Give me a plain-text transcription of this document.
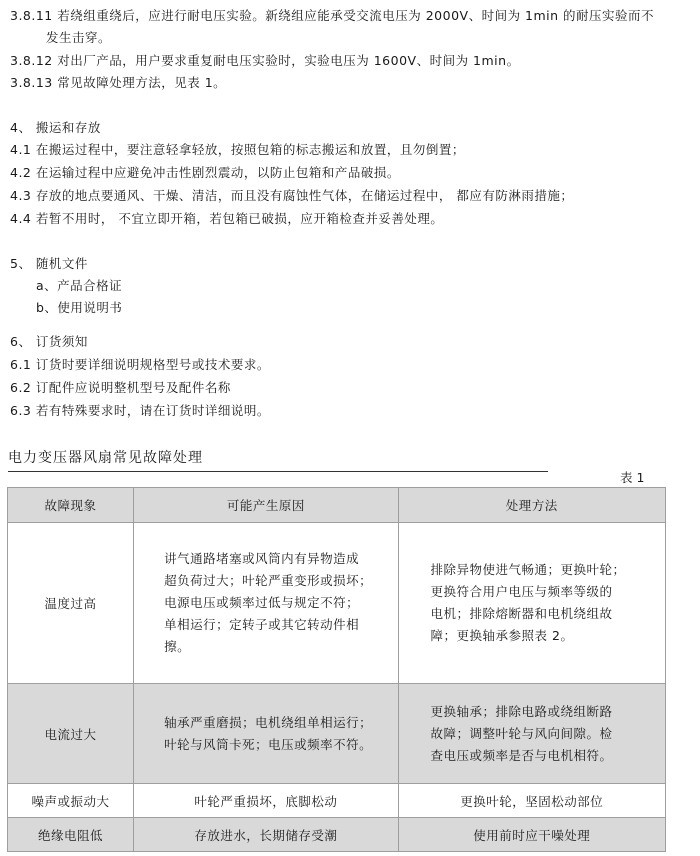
3.8.11 若绕组重绕后，应进行耐电压实验。新绕组应能承受交流电压为 2000V、时间为 1min 的耐压实验而不
发生击穿。
3.8.12 对出厂产品，用户要求重复耐电压实验时，实验电压为 1600V、时间为 1min。
3.8.13 常见故障处理方法，见表 1。
4、 搬运和存放
4.1 在搬运过程中，要注意轻拿轻放，按照包箱的标志搬运和放置，且勿倒置；
4.2 在运输过程中应避免冲击性剧烈震动，以防止包箱和产品破损。
4.3 存放的地点要通风、干燥、清洁，而且没有腐蚀性气体，在储运过程中， 都应有防淋雨措施；
4.4 若暂不用时， 不宜立即开箱，若包箱已破损，应开箱检查并妥善处理。
5、 随机文件
a、产品合格证
b、使用说明书
6、 订货须知
6.1 订货时要详细说明规格型号或技术要求。
6.2 订配件应说明整机型号及配件名称
6.3 若有特殊要求时，请在订货时详细说明。
电力变压器风扇常见故障处理
表 1
故障现象	可能产生原因	处理方法
温度过高	讲气通路堵塞或风筒内有异物造成
超负荷过大；叶轮严重变形或损坏；
电源电压或频率过低与规定不符；
单相运行；定转子或其它转动件相
擦。	排除异物使进气畅通；更换叶轮；
更换符合用户电压与频率等级的
电机；排除熔断器和电机绕组故
障；更换轴承参照表 2。

电流过大	轴承严重磨损；电机绕组单相运行；
叶轮与风筒卡死；电压或频率不符。	更换轴承；排除电路或绕组断路
故障；调整叶轮与风向间隙。检
查电压或频率是否与电机相符。

噪声或振动大	叶轮严重损坏，底脚松动	更换叶轮，坚固松动部位
绝缘电阻低	存放进水，长期储存受潮	使用前时应干噪处理
